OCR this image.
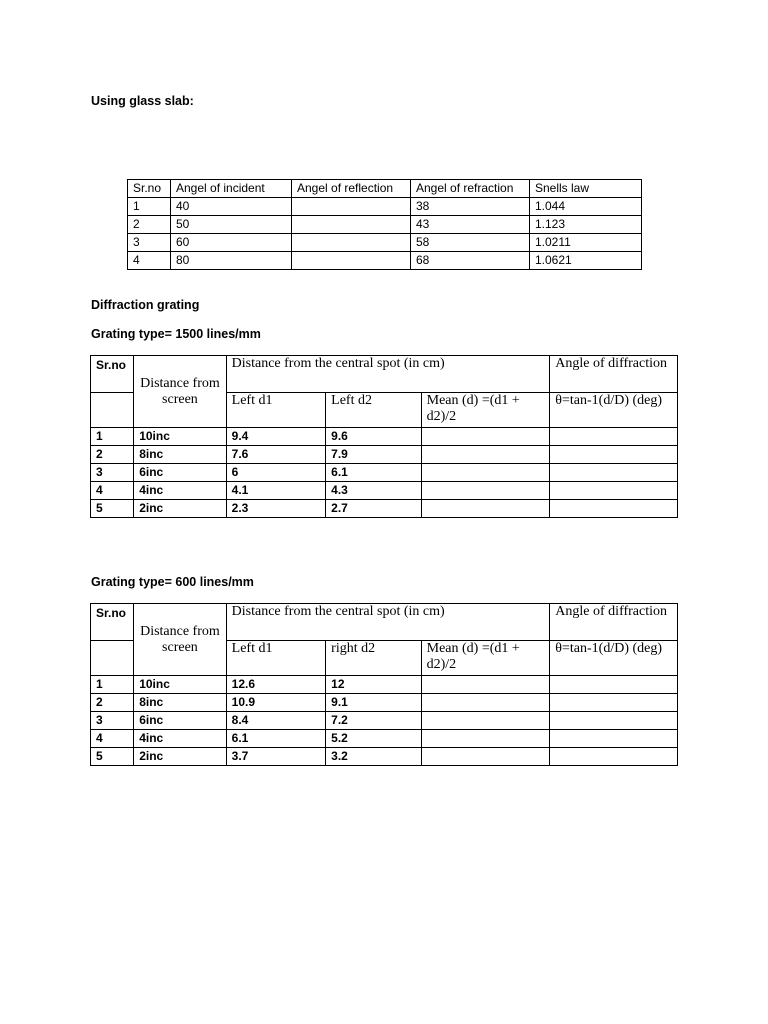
Using glass slab:

Sr.no	Angel of incident	Angel of reflection	Angel of refraction	Snells law
1	40		38	1.044
2	50		43	1.123
3	60		58	1.0211
4	80		68	1.0621

Diffraction grating

Grating type= 1500 lines/mm

Sr.no	Distance from screen	Distance from the central spot (in cm)			Angle of diffraction
		Left d1	Left d2	Mean (d) =(d1 + d2)/2	θ=tan-1(d/D) (deg)
1	10inc	9.4	9.6		
2	8inc	7.6	7.9		
3	6inc	6	6.1		
4	4inc	4.1	4.3		
5	2inc	2.3	2.7		

Grating type= 600 lines/mm

Sr.no	Distance from screen	Distance from the central spot (in cm)			Angle of diffraction
		Left d1	right d2	Mean (d) =(d1 + d2)/2	θ=tan-1(d/D) (deg)
1	10inc	12.6	12		
2	8inc	10.9	9.1		
3	6inc	8.4	7.2		
4	4inc	6.1	5.2		
5	2inc	3.7	3.2		
